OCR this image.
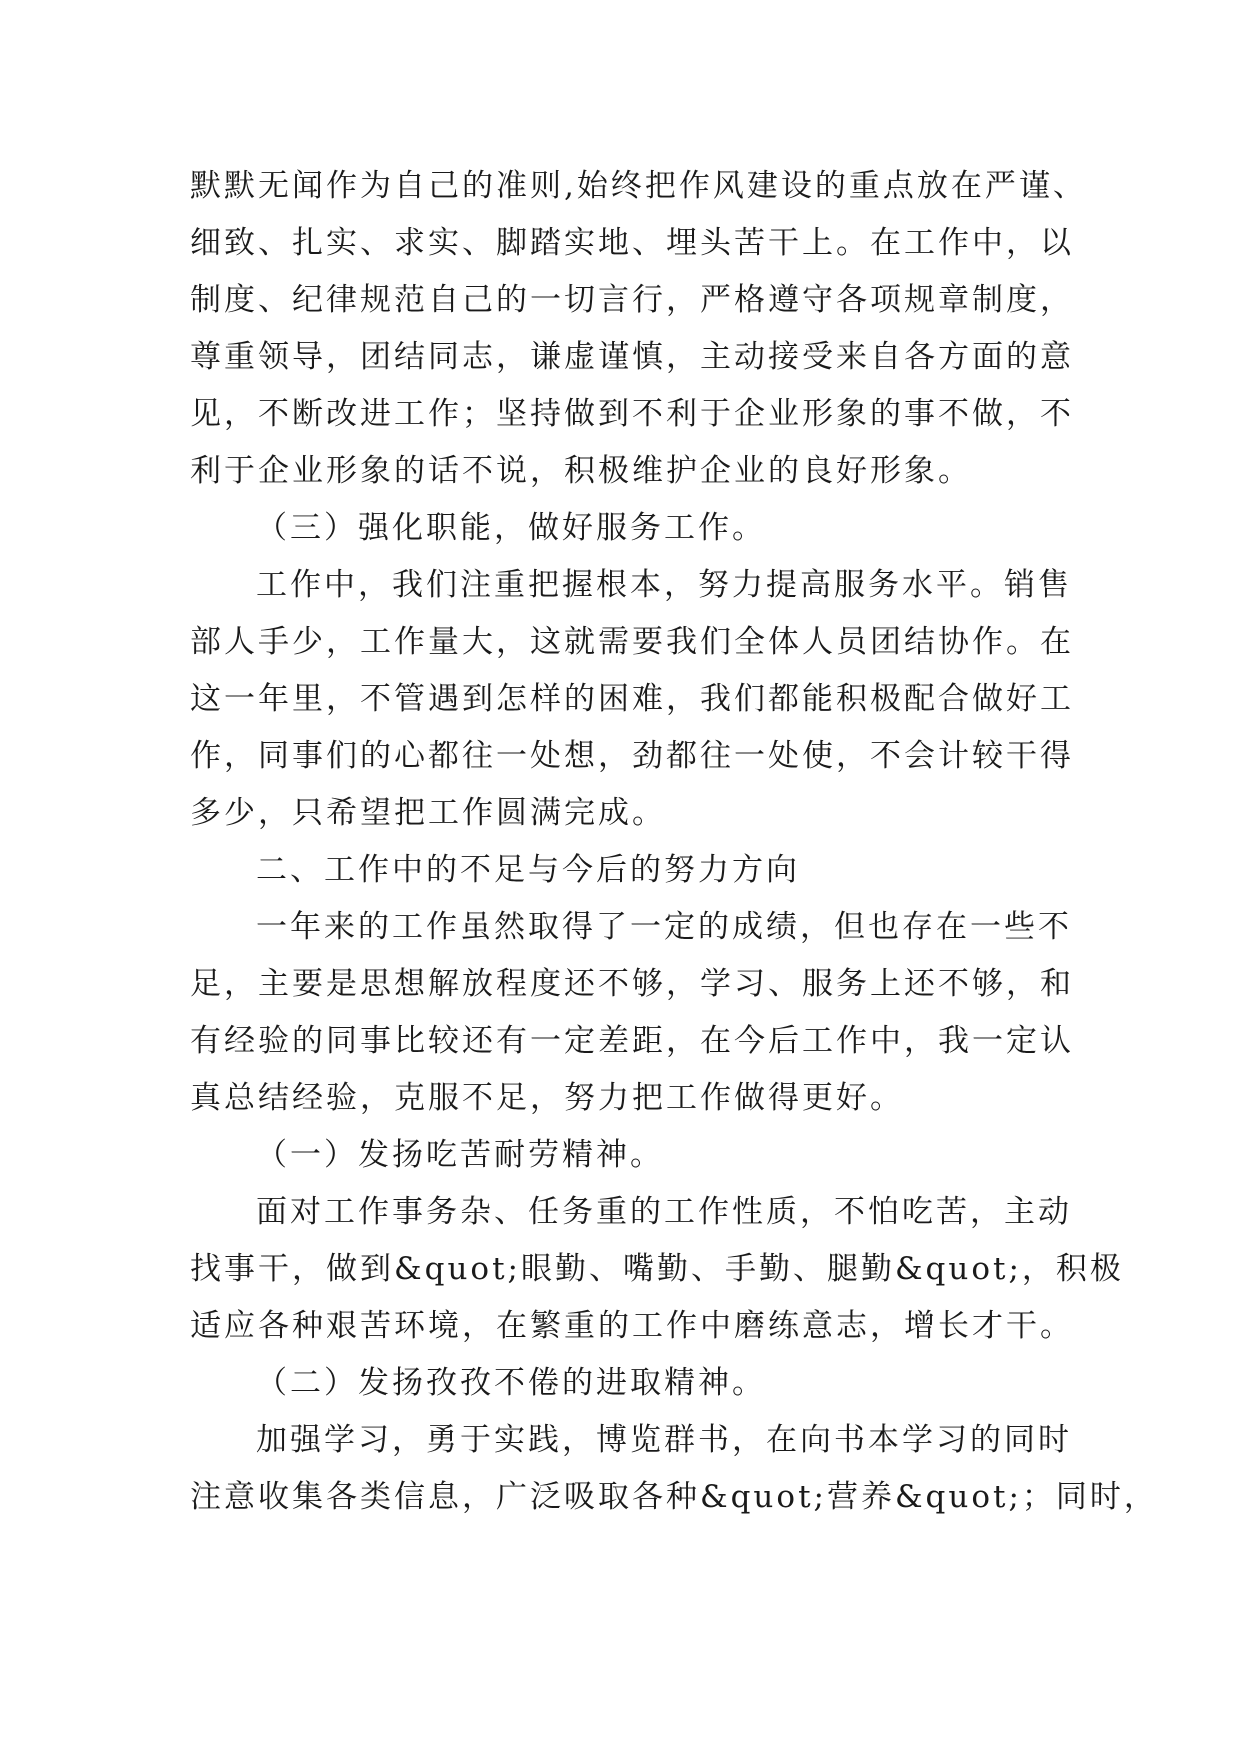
默默无闻作为自己的准则,始终把作风建设的重点放在严谨、
细致、扎实、求实、脚踏实地、埋头苦干上。在工作中，以
制度、纪律规范自己的一切言行，严格遵守各项规章制度，
尊重领导，团结同志，谦虚谨慎，主动接受来自各方面的意
见，不断改进工作；坚持做到不利于企业形象的事不做，不
利于企业形象的话不说，积极维护企业的良好形象。
（三）强化职能，做好服务工作。
工作中，我们注重把握根本，努力提高服务水平。销售
部人手少，工作量大，这就需要我们全体人员团结协作。在
这一年里，不管遇到怎样的困难，我们都能积极配合做好工
作，同事们的心都往一处想，劲都往一处使，不会计较干得
多少，只希望把工作圆满完成。
二、工作中的不足与今后的努力方向
一年来的工作虽然取得了一定的成绩，但也存在一些不
足，主要是思想解放程度还不够，学习、服务上还不够，和
有经验的同事比较还有一定差距，在今后工作中，我一定认
真总结经验，克服不足，努力把工作做得更好。
（一）发扬吃苦耐劳精神。
面对工作事务杂、任务重的工作性质，不怕吃苦，主动
找事干，做到&quot;眼勤、嘴勤、手勤、腿勤&quot;，积极
适应各种艰苦环境，在繁重的工作中磨练意志，增长才干。
（二）发扬孜孜不倦的进取精神。
加强学习，勇于实践，博览群书，在向书本学习的同时
注意收集各类信息，广泛吸取各种&quot;营养&quot;；同时，
